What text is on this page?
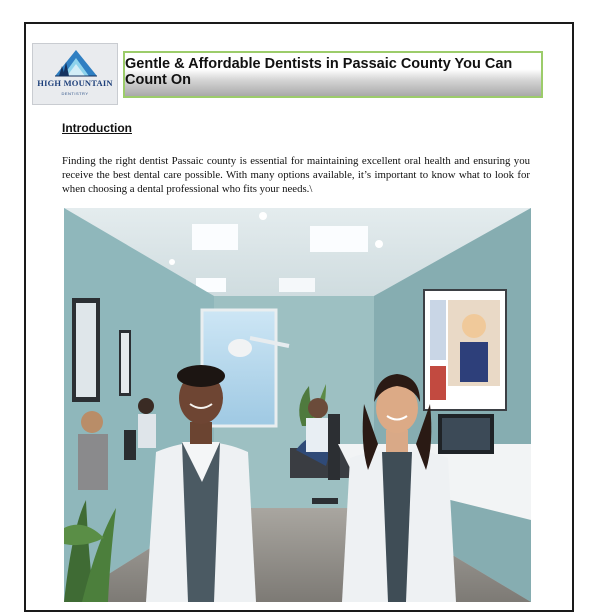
HIGH MOUNTAIN
DENTISTRY
Gentle & Affordable Dentists in Passaic County You Can Count On
Introduction

Finding the right dentist Passaic county is essential for maintaining excellent oral health and ensuring you receive the best dental care possible. With many options available, it’s important to know what to look for when choosing a dental professional who fits your needs.\
